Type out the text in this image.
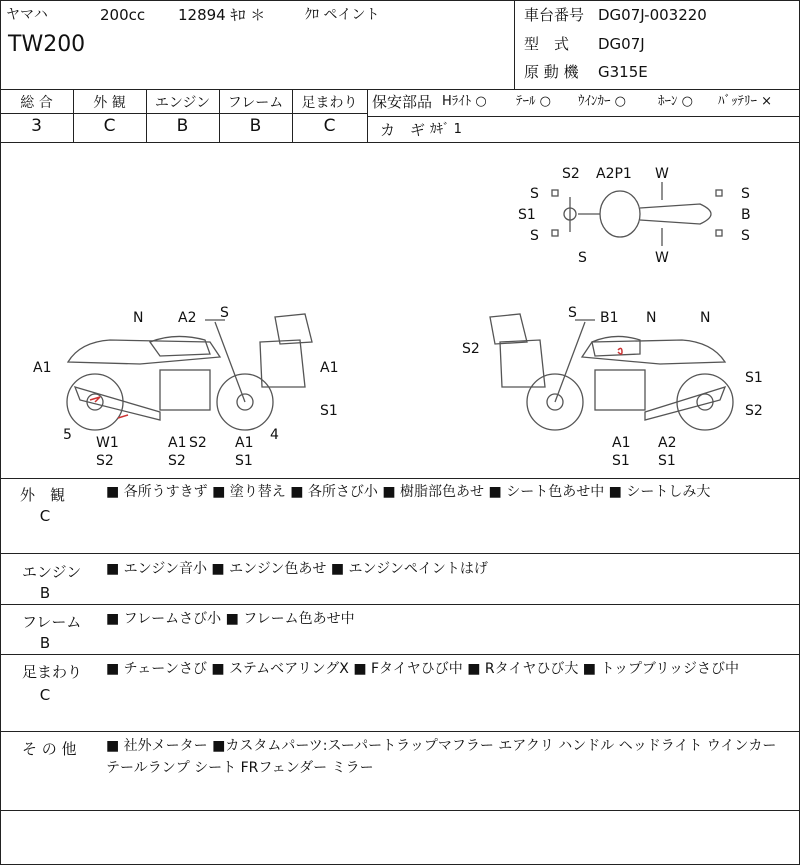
ヤマハ	200cc 12894 ｷﾛ ＊	ｸﾛ ペイント
TW200
車台番号 DG07J-003220
型　式 DG07J
原 動 機 G315E
総 合	外 観	エンジン	フレーム	足まわり
3	C	B	B	C
保安部品 Hﾗｲﾄ ○ ﾃｰﾙ ○ ｳｲﾝｶｰ ○ ﾎｰﾝ ○ ﾊﾞｯﾃﾘｰ ×
カ　ギ ｶｷﾞ 1
S2 A2P1 W
S
S1
S
S	W
S
B
S
N A2 S
A1	A1
S1
5 W1
S2
A1 S2
S2
A1
S1
4
S B1 N	N
S2
S1
S2
A1
S1
A2
S1
外　観
C
■ 各所うすきず ■ 塗り替え ■ 各所さび小 ■ 樹脂部色あせ ■ シート色あせ中 ■ シートしみ大
エンジン
B
■ エンジン音小 ■ エンジン色あせ ■ エンジンペイントはげ
フレーム
B
■ フレームさび小 ■ フレーム色あせ中
足まわり
C
■ チェーンさび ■ ステムベアリングX ■ Fタイヤひび中 ■ Rタイヤひび大 ■ トップブリッジさび中
そ の 他 ■ 社外メーター ■カスタムパーツ:スーパートラップマフラー エアクリ ハンドル ヘッドライト ウインカー テールランプ シート FRフェンダー ミラー
